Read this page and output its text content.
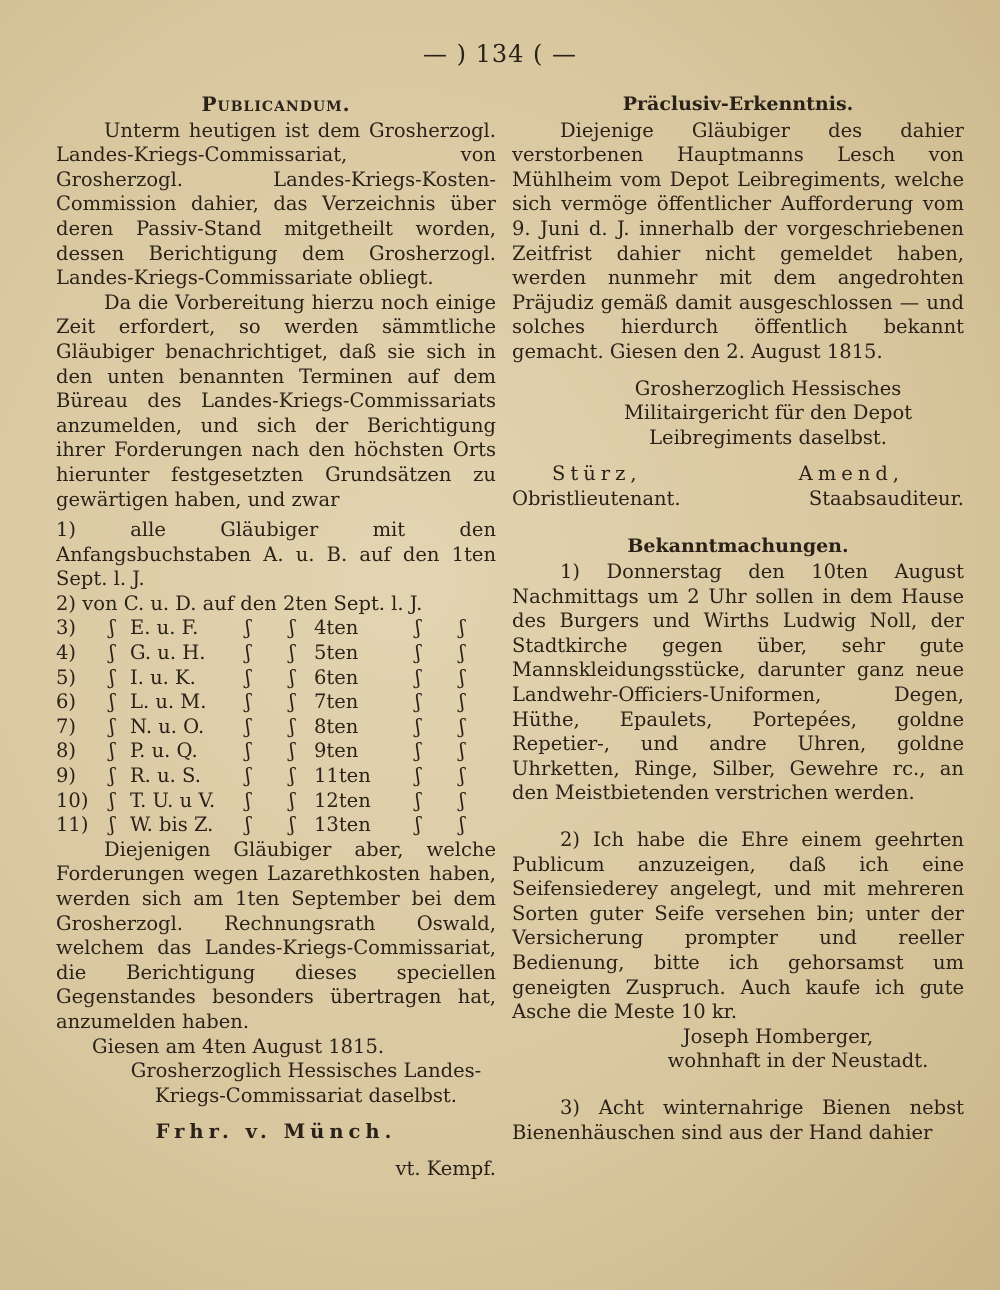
— ) 134 ( —
Publicandum.

Unterm heutigen ist dem Grosherzogl. Landes-Kriegs-Commissariat, von Grosherzogl. Landes-Kriegs-Kosten-Commission dahier, das Verzeichnis über deren Passiv-Stand mitgetheilt worden, dessen Berichtigung dem Grosherzogl. Landes-Kriegs-Commissariate obliegt.

Da die Vorbereitung hierzu noch einige Zeit erfordert, so werden sämmtliche Gläubiger benachrichtiget, daß sie sich in den unten benannten Terminen auf dem Büreau des Landes-Kriegs-Commissariats anzumelden, und sich der Berichtigung ihrer Forderungen nach den höchsten Orts hierunter festgesetzten Grundsätzen zu gewärtigen haben, und zwar

1) alle Gläubiger mit den Anfangsbuchstaben A. u. B. auf den 1ten Sept. l. J.

2) von C. u. D. auf den 2ten Sept. l. J.

3)	ʃ E. u. F.	ʃ	ʃ 4ten	ʃ	ʃ
4)	ʃ G. u. H.	ʃ	ʃ 5ten	ʃ	ʃ
5)	ʃ I. u. K.	ʃ	ʃ 6ten	ʃ	ʃ
6)	ʃ L. u. M.	ʃ	ʃ 7ten	ʃ	ʃ
7)	ʃ N. u. O.	ʃ	ʃ 8ten	ʃ	ʃ
8)	ʃ P. u. Q.	ʃ	ʃ 9ten	ʃ	ʃ
9)	ʃ R. u. S.	ʃ	ʃ 11ten	ʃ	ʃ
10)	ʃ T. U. u V.	ʃ	ʃ 12ten	ʃ	ʃ
11)	ʃ W. bis Z.	ʃ	ʃ 13ten	ʃ	ʃ

Diejenigen Gläubiger aber, welche Forderungen wegen Lazarethkosten haben, werden sich am 1ten September bei dem Grosherzogl. Rechnungsrath Oswald, welchem das Landes-Kriegs-Commissariat, die Berichtigung dieses speciellen Gegenstandes besonders übertragen hat, anzumelden haben.

Giesen am 4ten August 1815.

Grosherzoglich Hessisches Landes-Kriegs-Commissariat daselbst.

Frhr. v. Münch.

vt. Kempf.

Präclusiv-Erkenntnis.

Diejenige Gläubiger des dahier verstorbenen Hauptmanns Lesch von Mühlheim vom Depot Leibregiments, welche sich vermöge öffentlicher Aufforderung vom 9. Juni d. J. innerhalb der vorgeschriebenen Zeitfrist dahier nicht gemeldet haben, werden nunmehr mit dem angedrohten Präjudiz gemäß damit ausgeschlossen — und solches hierdurch öffentlich bekannt gemacht. Giesen den 2. August 1815.

Grosherzoglich Hessisches Militairgericht für den Depot Leibregiments daselbst.

Stürz,	Amend,
Obristlieutenant.	Staabsauditeur.
Bekanntmachungen.

1) Donnerstag den 10ten August Nachmittags um 2 Uhr sollen in dem Hause des Burgers und Wirths Ludwig Noll, der Stadtkirche gegen über, sehr gute Mannskleidungsstücke, darunter ganz neue Landwehr-Officiers-Uniformen, Degen, Hüthe, Epaulets, Portepées, goldne Repetier-, und andre Uhren, goldne Uhrketten, Ringe, Silber, Gewehre rc., an den Meistbietenden verstrichen werden.

2) Ich habe die Ehre einem geehrten Publicum anzuzeigen, daß ich eine Seifensiederey angelegt, und mit mehreren Sorten guter Seife versehen bin; unter der Versicherung prompter und reeller Bedienung, bitte ich gehorsamst um geneigten Zuspruch. Auch kaufe ich gute Asche die Meste 10 kr.

Joseph Homberger,

wohnhaft in der Neustadt.

3) Acht winternahrige Bienen nebst Bienenhäuschen sind aus der Hand dahier
